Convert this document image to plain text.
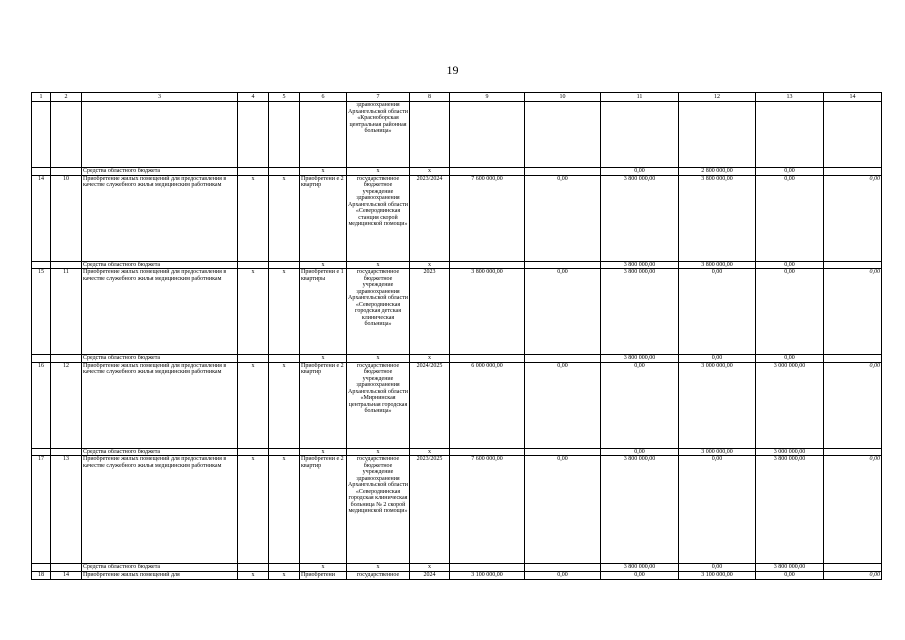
19
1	2	3	4	5	6	7	8	9	10	11	12	13	14
						здравоохранения Архангельской области «Красноборская центральная районная больница»							
		Средства областного бюджета			x	x	x			0,00	2 800 000,00	0,00	
14	10	Приобретение жилых помещений для предоставления в качестве служебного жилья медицинским работникам	x	x	Приобретени е 2 квартир	государственное бюджетное учреждение здравоохранения Архангельской области «Северодвинская станция скорой медицинской помощи»	2023/2024	7 600 000,00	0,00	3 800 000,00	3 800 000,00	0,00	0,00
		Средства областного бюджета			x	x	x			3 800 000,00	3 800 000,00	0,00	
15	11	Приобретение жилых помещений для предоставления в качестве служебного жилья медицинским работникам	x	x	Приобретени е 1 квартиры	государственное бюджетное учреждение здравоохранения Архангельской области «Северодвинская городская детская клиническая больница»	2023	3 800 000,00	0,00	3 800 000,00	0,00	0,00	0,00
		Средства областного бюджета			x	x	x			3 800 000,00	0,00	0,00	
16	12	Приобретение жилых помещений для предоставления в качестве служебного жилья медицинским работникам	x	x	Приобретени е 2 квартир	государственное бюджетное учреждение здравоохранения Архангельской области «Мирнинская центральная городская больница»	2024/2025	6 000 000,00	0,00	0,00	3 000 000,00	3 000 000,00	0,00
		Средства областного бюджета			x	x	x			0,00	3 000 000,00	3 000 000,00	
17	13	Приобретение жилых помещений для предоставления в качестве служебного жилья медицинским работникам	x	x	Приобретени е 2 квартир	государственное бюджетное учреждение здравоохранения Архангельской области «Северодвинская городская клиническая больница № 2 скорой медицинской помощи»	2023/2025	7 600 000,00	0,00	3 800 000,00	0,00	3 800 000,00	0,00
		Средства областного бюджета			x	x	x			3 800 000,00	0,00	3 800 000,00	
18	14	Приобретение жилых помещений для	x	x	Приобретени	государственное	2024	3 100 000,00	0,00	0,00	3 100 000,00	0,00	0,00
